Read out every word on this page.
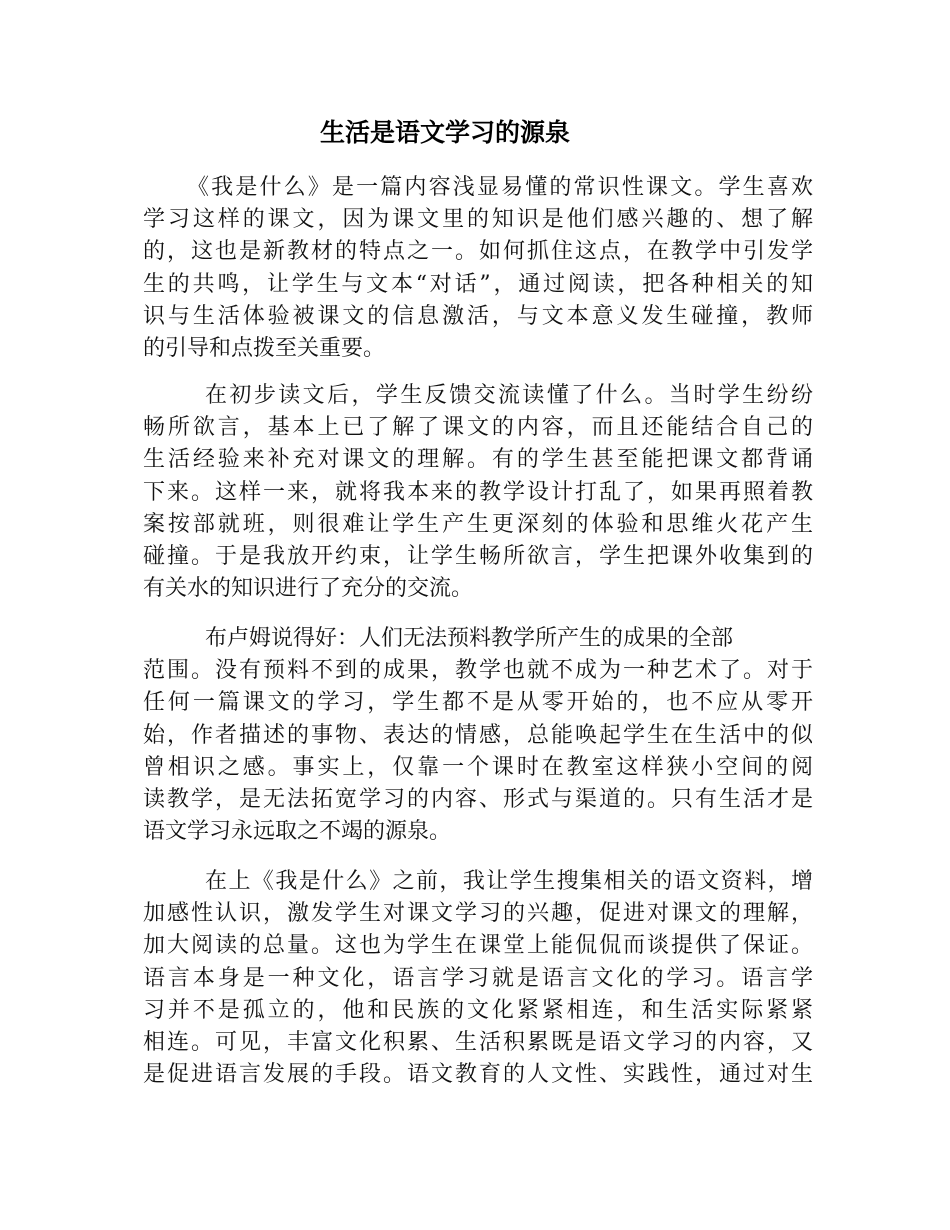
生活是语文学习的源泉
《我是什么》是一篇内容浅显易懂的常识性课文。学生喜欢
学习这样的课文，因为课文里的知识是他们感兴趣的、想了解
的，这也是新教材的特点之一。如何抓住这点，在教学中引发学
生的共鸣，让学生与文本“对话”，通过阅读，把各种相关的知
识与生活体验被课文的信息激活，与文本意义发生碰撞，教师
的引导和点拨至关重要。
在初步读文后，学生反馈交流读懂了什么。当时学生纷纷
畅所欲言，基本上已了解了课文的内容，而且还能结合自己的
生活经验来补充对课文的理解。有的学生甚至能把课文都背诵
下来。这样一来，就将我本来的教学设计打乱了，如果再照着教
案按部就班，则很难让学生产生更深刻的体验和思维火花产生
碰撞。于是我放开约束，让学生畅所欲言，学生把课外收集到的
有关水的知识进行了充分的交流。
布卢姆说得好：人们无法预料教学所产生的成果的全部
范围。没有预料不到的成果，教学也就不成为一种艺术了。对于
任何一篇课文的学习，学生都不是从零开始的，也不应从零开
始，作者描述的事物、表达的情感，总能唤起学生在生活中的似
曾相识之感。事实上，仅靠一个课时在教室这样狭小空间的阅
读教学，是无法拓宽学习的内容、形式与渠道的。只有生活才是
语文学习永远取之不竭的源泉。
在上《我是什么》之前，我让学生搜集相关的语文资料，增
加感性认识，激发学生对课文学习的兴趣，促进对课文的理解，
加大阅读的总量。这也为学生在课堂上能侃侃而谈提供了保证。
语言本身是一种文化，语言学习就是语言文化的学习。语言学
习并不是孤立的，他和民族的文化紧紧相连，和生活实际紧紧
相连。可见，丰富文化积累、生活积累既是语文学习的内容，又
是促进语言发展的手段。语文教育的人文性、实践性，通过对生
